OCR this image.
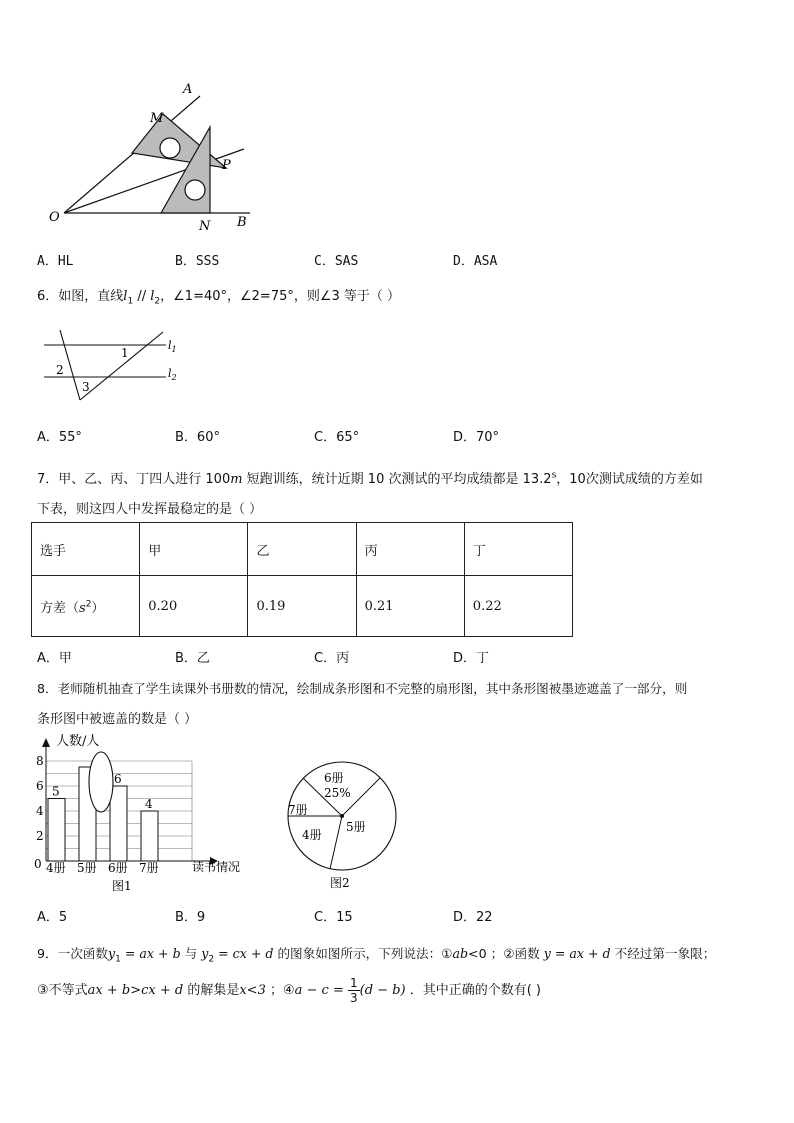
A
M
P
O
N B
A．HL	B．SSS	C．SAS	D．ASA
6．如图，直线$l_1 // l_2$，∠1=40°，∠2=75°，则∠3 等于（ ）
1
2
3
$l_1$
$l_2$
A．55°	B．60°	C．65°	D．70°
7．甲、乙、丙、丁四人进行 100m 短跑训练，统计近期 10 次测试的平均成绩都是 13.2$^s$，10次测试成绩的方差如
下表，则这四人中发挥最稳定的是（ ）
选手	甲	乙	丙	丁
方差$(s^2)$	0.20	0.19	0.21	0.22
A．甲	B．乙	C．丙	D．丁
8．老师随机抽查了学生读课外书册数的情况，绘制成条形图和不完整的扇形图，其中条形图被墨迹遮盖了一部分，则
条形图中被遮盖的数是（ ）
0
2
4
6
8
5
6
4
4册 5册 6册 7册
人数/人
读书情况
图1
6册
25%
7册
4册
5册
图2
A．5	B．9	C．15	D．22
9．一次函数$y_1$ = ax + b 与 $y_2$ = cx + d 的图象如图所示，下列说法：①ab<0 ；②函数 y = ax + d 不经过第一象限；
③不等式ax + b>cx + d 的解集是x<3 ；④a − $c = \frac{1}{3} (d - b)$ ．其中正确的个数有( )
